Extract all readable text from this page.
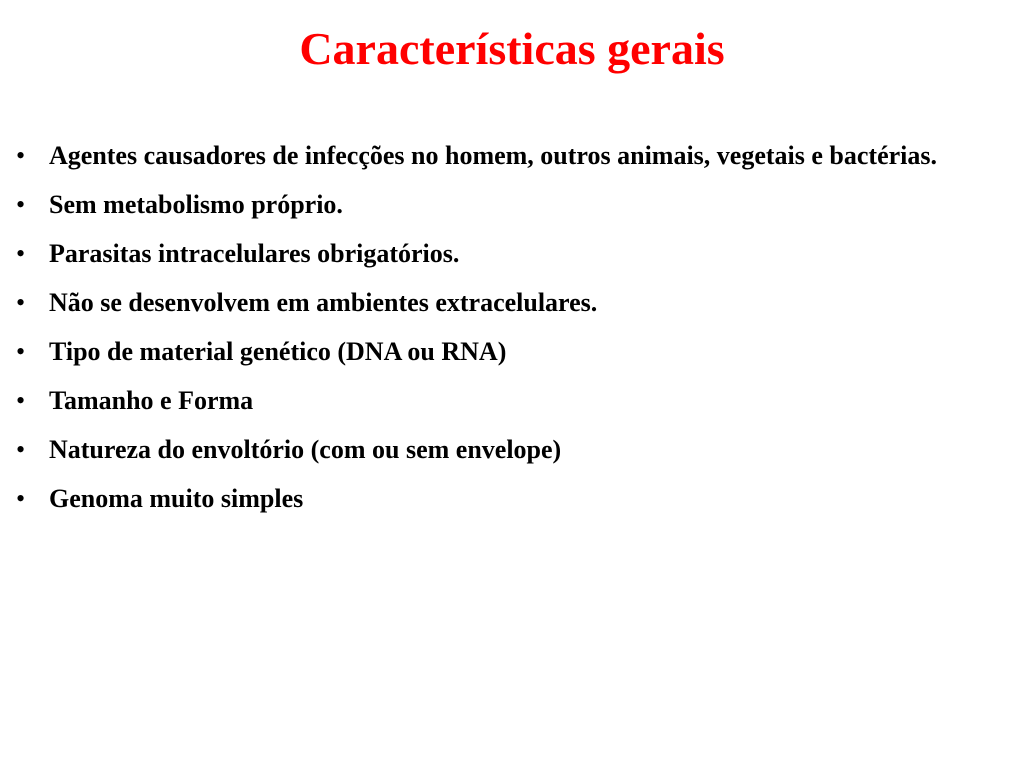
Características gerais
• Agentes causadores de infecções no homem, outros animais, vegetais e bactérias.
• Sem metabolismo próprio.
• Parasitas intracelulares obrigatórios.
• Não se desenvolvem em ambientes extracelulares.
• Tipo de material genético (DNA ou RNA)
• Tamanho e Forma
• Natureza do envoltório (com ou sem envelope)
• Genoma muito simples
